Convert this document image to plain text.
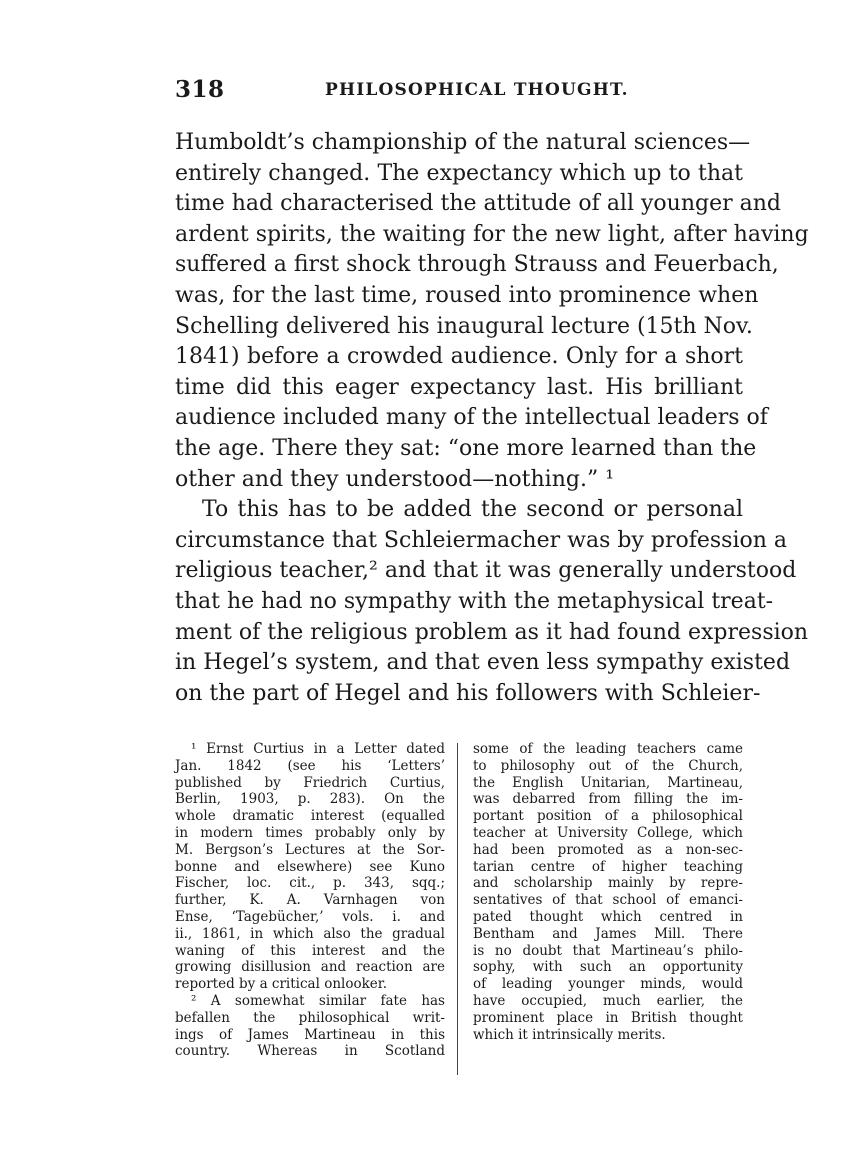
318	PHILOSOPHICAL THOUGHT.
Humboldt’s championship of the natural sciences—
entirely changed. The expectancy which up to that
time had characterised the attitude of all younger and
ardent spirits, the waiting for the new light, after having
suffered a first shock through Strauss and Feuerbach,
was, for the last time, roused into prominence when
Schelling delivered his inaugural lecture (15th Nov.
1841) before a crowded audience. Only for a short
time did this eager expectancy last. His brilliant
audience included many of the intellectual leaders of
the age. There they sat: “one more learned than the
other and they understood—nothing.” ¹
To this has to be added the second or personal
circumstance that Schleiermacher was by profession a
religious teacher,² and that it was generally understood
that he had no sympathy with the metaphysical treat-
ment of the religious problem as it had found expression
in Hegel’s system, and that even less sympathy existed
on the part of Hegel and his followers with Schleier-
¹ Ernst Curtius in a Letter dated
Jan. 1842 (see his ‘Letters’
published by Friedrich Curtius,
Berlin, 1903, p. 283). On the
whole dramatic interest (equalled
in modern times probably only by
M. Bergson’s Lectures at the Sor-
bonne and elsewhere) see Kuno
Fischer, loc. cit., p. 343, sqq.;
further, K. A. Varnhagen von
Ense, ‘Tagebücher,’ vols. i. and
ii., 1861, in which also the gradual
waning of this interest and the
growing disillusion and reaction are
reported by a critical onlooker.
² A somewhat similar fate has
befallen the philosophical writ-
ings of James Martineau in this
country. Whereas in Scotland
some of the leading teachers came
to philosophy out of the Church,
the English Unitarian, Martineau,
was debarred from filling the im-
portant position of a philosophical
teacher at University College, which
had been promoted as a non-sec-
tarian centre of higher teaching
and scholarship mainly by repre-
sentatives of that school of emanci-
pated thought which centred in
Bentham and James Mill. There
is no doubt that Martineau’s philo-
sophy, with such an opportunity
of leading younger minds, would
have occupied, much earlier, the
prominent place in British thought
which it intrinsically merits.
